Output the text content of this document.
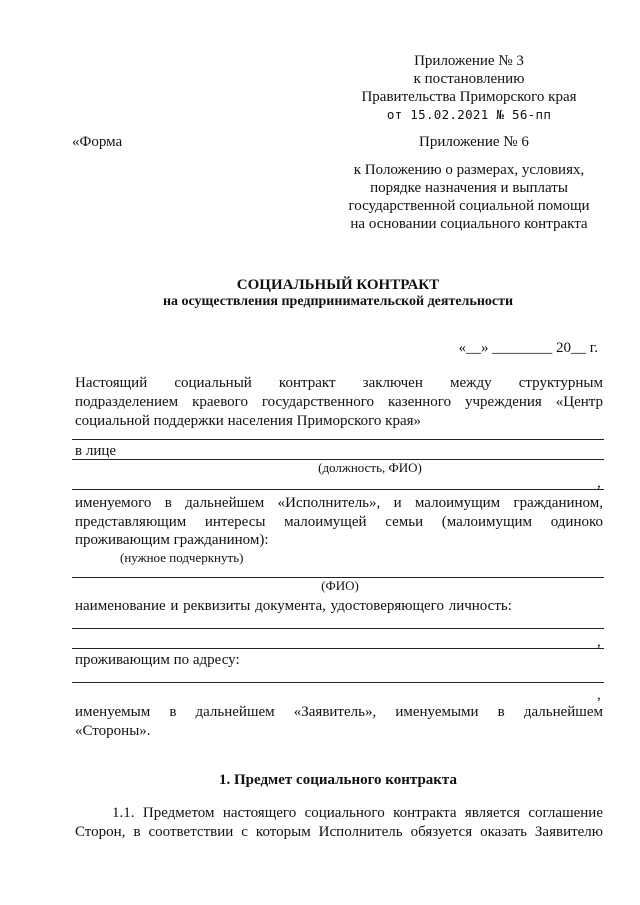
Приложение № 3
к постановлению
Правительства Приморского края
от 15.02.2021 № 56-пп
«Форма	Приложение № 6
к Положению о размерах, условиях,
порядке назначения и выплаты
государственной социальной помощи
на основании социального контракта
СОЦИАЛЬНЫЙ КОНТРАКТ
на осуществления предпринимательской деятельности
«__» ________ 20__ г.
Настоящий социальный контракт заключен между структурным
подразделением краевого государственного казенного учреждения «Центр
социальной поддержки населения Приморского края»
в лице
(должность, ФИО)
,
именуемого в дальнейшем «Исполнитель», и малоимущим гражданином,
представляющим интересы малоимущей семьи (малоимущим одиноко
проживающим гражданином):
(нужное подчеркнуть)
(ФИО)
наименование и реквизиты документа, удостоверяющего личность:
,
проживающим по адресу:
,
именуемым в дальнейшем «Заявитель», именуемыми в дальнейшем
«Стороны».
1. Предмет социального контракта
1.1. Предметом настоящего социального контракта является соглашение
Сторон, в соответствии с которым Исполнитель обязуется оказать Заявителю
